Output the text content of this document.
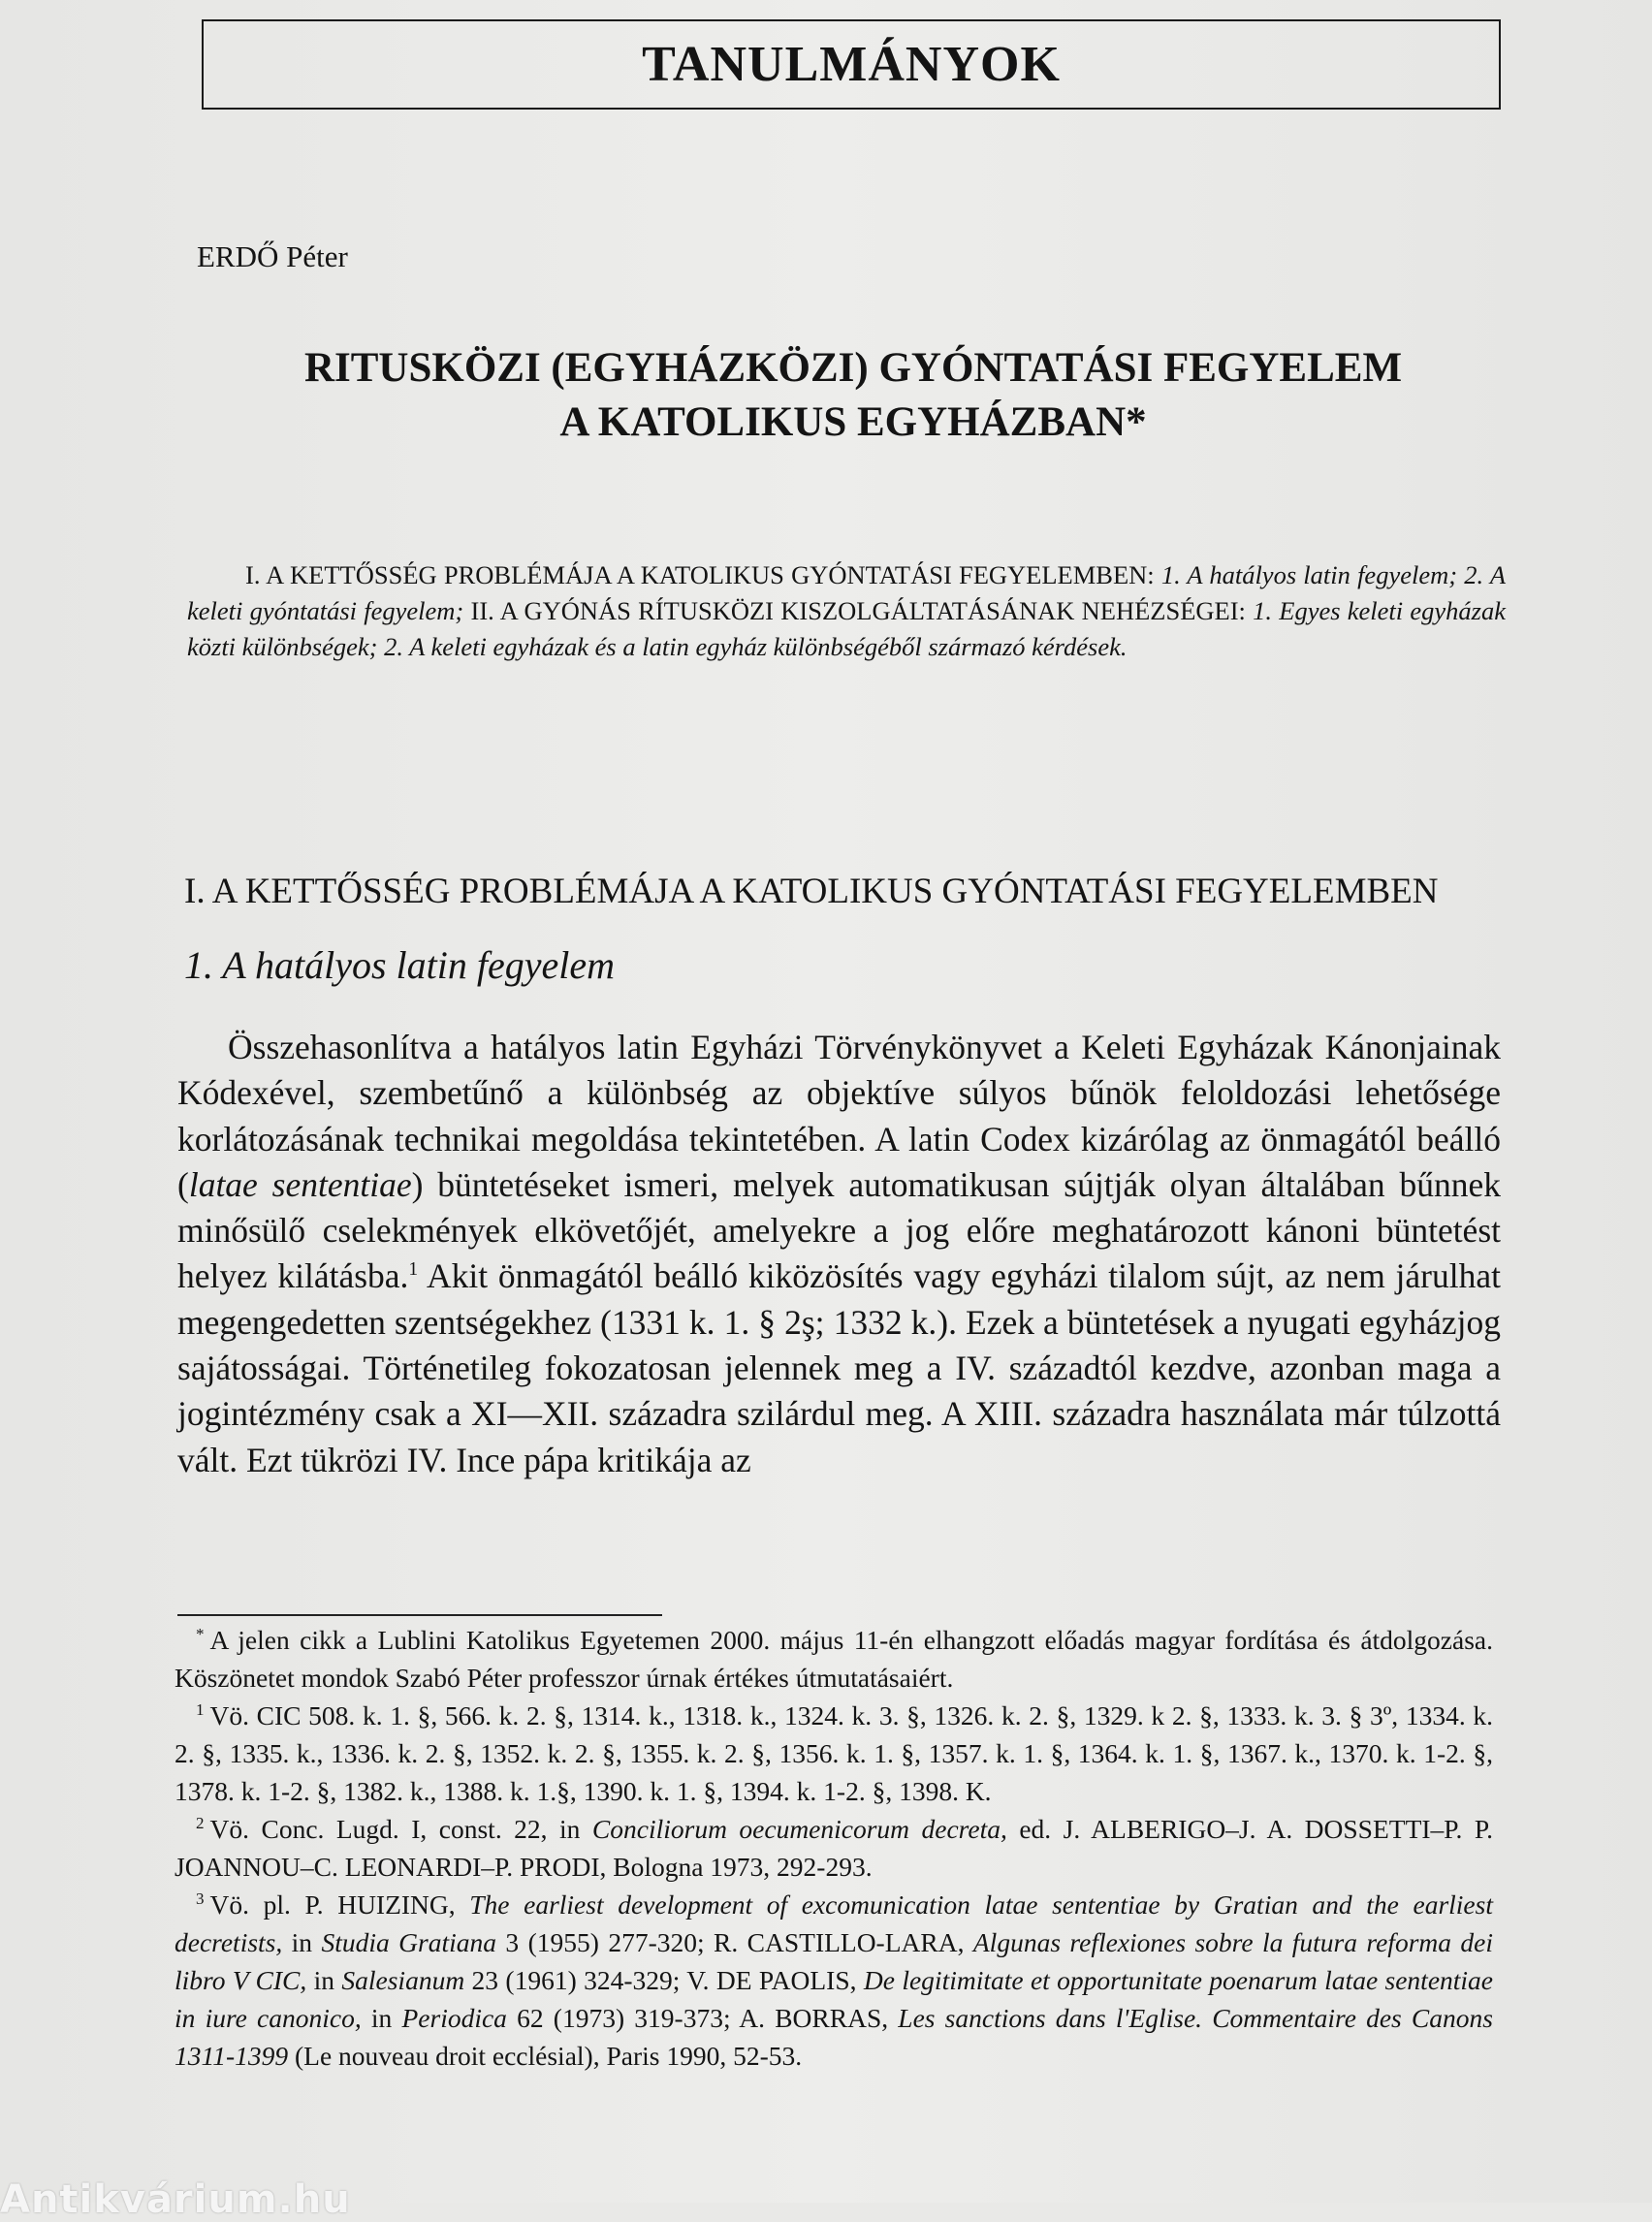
TANULMÁNYOK
ERDŐ Péter
RITUSKÖZI (EGYHÁZKÖZI) GYÓNTATÁSI FEGYELEM
A KATOLIKUS EGYHÁZBAN*
I. A KETTŐSSÉG PROBLÉMÁJA A KATOLIKUS GYÓNTATÁSI FEGYELEMBEN: 1. A hatályos latin fegyelem; 2. A keleti gyóntatási fegyelem; II. A GYÓNÁS RÍTUSKÖZI KISZOLGÁLTATÁSÁNAK NEHÉZSÉGEI: 1. Egyes keleti egyházak közti különbségek; 2. A keleti egyházak és a latin egyház különbségéből származó kérdések.
I. A KETTŐSSÉG PROBLÉMÁJA A KATOLIKUS GYÓNTATÁSI FEGYELEMBEN
1. A hatályos latin fegyelem
Összehasonlítva a hatályos latin Egyházi Törvénykönyvet a Keleti Egyházak Kánonjainak Kódexével, szembetűnő a különbség az objektíve súlyos bűnök feloldozási lehetősége korlátozásának technikai megoldása tekintetében. A latin Codex kizárólag az önmagától beálló (latae sententiae) büntetéseket ismeri, melyek automatikusan sújtják olyan általában bűnnek minősülő cselekmények elkövetőjét, amelyekre a jog előre meghatározott kánoni büntetést helyez kilátásba.$^1$ Akit önmagától beálló kiközösítés vagy egyházi tilalom sújt, az nem járulhat megengedetten szentségekhez (1331 k. 1. § 2ş; 1332 k.). Ezek a büntetések a nyugati egyházjog sajátosságai. Történetileg fokozatosan jelennek meg a IV. századtól kezdve, azonban maga a jogintézmény csak a XI—XII. századra szilárdul meg. A XIII. századra használata már túlzottá vált. Ezt tükrözi IV. Ince pápa kritikája az

* A jelen cikk a Lublini Katolikus Egyetemen 2000. május 11-én elhangzott előadás magyar fordítása és átdolgozása. Köszönetet mondok Szabó Péter professzor úrnak értékes útmutatásaiért.

$^1$ Vö. CIC 508. k. 1. §, 566. k. 2. §, 1314. k., 1318. k., 1324. k. 3. §, 1326. k. 2. §, 1329. k 2. §, 1333. k. 3. § 3º, 1334. k. 2. §, 1335. k., 1336. k. 2. §, 1352. k. 2. §, 1355. k. 2. §, 1356. k. 1. §, 1357. k. 1. §, 1364. k. 1. §, 1367. k., 1370. k. 1-2. §, 1378. k. 1-2. §, 1382. k., 1388. k. 1.§, 1390. k. 1. §, 1394. k. 1-2. §, 1398. K.

$^2$ Vö. Conc. Lugd. I, const. 22, in Conciliorum oecumenicorum decreta, ed. J. ALBERIGO–J. A. DOSSETTI–P. P. JOANNOU–C. LEONARDI–P. PRODI, Bologna 1973, 292-293.

$^3$ Vö. pl. P. HUIZING, The earliest development of excomunication latae sententiae by Gratian and the earliest decretists, in Studia Gratiana 3 (1955) 277-320; R. CASTILLO-LARA, Algunas reflexiones sobre la futura reforma dei libro V CIC, in Salesianum 23 (1961) 324-329; V. DE PAOLIS, De legitimitate et opportunitate poenarum latae sententiae in iure canonico, in Periodica 62 (1973) 319-373; A. BORRAS, Les sanctions dans l'Eglise. Commentaire des Canons 1311-1399 (Le nouveau droit ecclésial), Paris 1990, 52-53.

Antikvárium.hu
